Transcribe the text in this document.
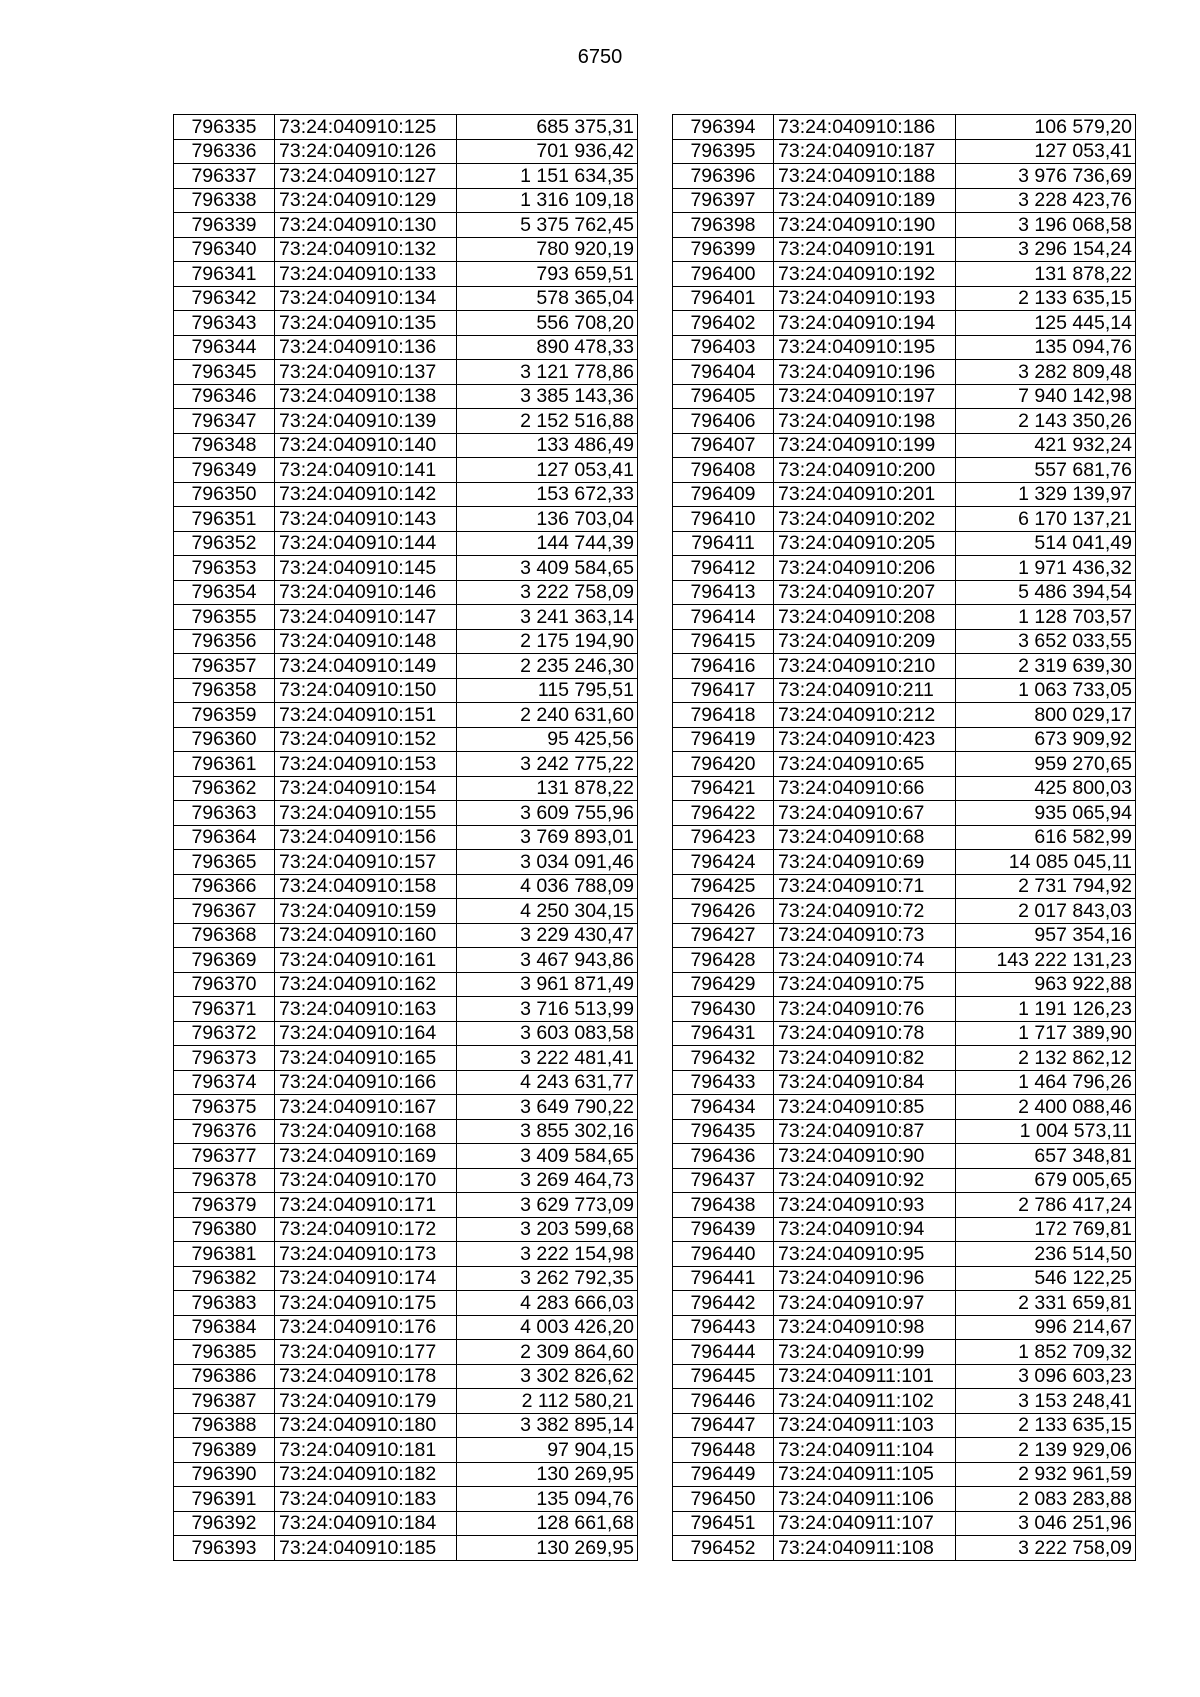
6750
796335	73:24:040910:125	685 375,31
796336	73:24:040910:126	701 936,42
796337	73:24:040910:127	1 151 634,35
796338	73:24:040910:129	1 316 109,18
796339	73:24:040910:130	5 375 762,45
796340	73:24:040910:132	780 920,19
796341	73:24:040910:133	793 659,51
796342	73:24:040910:134	578 365,04
796343	73:24:040910:135	556 708,20
796344	73:24:040910:136	890 478,33
796345	73:24:040910:137	3 121 778,86
796346	73:24:040910:138	3 385 143,36
796347	73:24:040910:139	2 152 516,88
796348	73:24:040910:140	133 486,49
796349	73:24:040910:141	127 053,41
796350	73:24:040910:142	153 672,33
796351	73:24:040910:143	136 703,04
796352	73:24:040910:144	144 744,39
796353	73:24:040910:145	3 409 584,65
796354	73:24:040910:146	3 222 758,09
796355	73:24:040910:147	3 241 363,14
796356	73:24:040910:148	2 175 194,90
796357	73:24:040910:149	2 235 246,30
796358	73:24:040910:150	115 795,51
796359	73:24:040910:151	2 240 631,60
796360	73:24:040910:152	95 425,56
796361	73:24:040910:153	3 242 775,22
796362	73:24:040910:154	131 878,22
796363	73:24:040910:155	3 609 755,96
796364	73:24:040910:156	3 769 893,01
796365	73:24:040910:157	3 034 091,46
796366	73:24:040910:158	4 036 788,09
796367	73:24:040910:159	4 250 304,15
796368	73:24:040910:160	3 229 430,47
796369	73:24:040910:161	3 467 943,86
796370	73:24:040910:162	3 961 871,49
796371	73:24:040910:163	3 716 513,99
796372	73:24:040910:164	3 603 083,58
796373	73:24:040910:165	3 222 481,41
796374	73:24:040910:166	4 243 631,77
796375	73:24:040910:167	3 649 790,22
796376	73:24:040910:168	3 855 302,16
796377	73:24:040910:169	3 409 584,65
796378	73:24:040910:170	3 269 464,73
796379	73:24:040910:171	3 629 773,09
796380	73:24:040910:172	3 203 599,68
796381	73:24:040910:173	3 222 154,98
796382	73:24:040910:174	3 262 792,35
796383	73:24:040910:175	4 283 666,03
796384	73:24:040910:176	4 003 426,20
796385	73:24:040910:177	2 309 864,60
796386	73:24:040910:178	3 302 826,62
796387	73:24:040910:179	2 112 580,21
796388	73:24:040910:180	3 382 895,14
796389	73:24:040910:181	97 904,15
796390	73:24:040910:182	130 269,95
796391	73:24:040910:183	135 094,76
796392	73:24:040910:184	128 661,68
796393	73:24:040910:185	130 269,95
796394	73:24:040910:186	106 579,20
796395	73:24:040910:187	127 053,41
796396	73:24:040910:188	3 976 736,69
796397	73:24:040910:189	3 228 423,76
796398	73:24:040910:190	3 196 068,58
796399	73:24:040910:191	3 296 154,24
796400	73:24:040910:192	131 878,22
796401	73:24:040910:193	2 133 635,15
796402	73:24:040910:194	125 445,14
796403	73:24:040910:195	135 094,76
796404	73:24:040910:196	3 282 809,48
796405	73:24:040910:197	7 940 142,98
796406	73:24:040910:198	2 143 350,26
796407	73:24:040910:199	421 932,24
796408	73:24:040910:200	557 681,76
796409	73:24:040910:201	1 329 139,97
796410	73:24:040910:202	6 170 137,21
796411	73:24:040910:205	514 041,49
796412	73:24:040910:206	1 971 436,32
796413	73:24:040910:207	5 486 394,54
796414	73:24:040910:208	1 128 703,57
796415	73:24:040910:209	3 652 033,55
796416	73:24:040910:210	2 319 639,30
796417	73:24:040910:211	1 063 733,05
796418	73:24:040910:212	800 029,17
796419	73:24:040910:423	673 909,92
796420	73:24:040910:65	959 270,65
796421	73:24:040910:66	425 800,03
796422	73:24:040910:67	935 065,94
796423	73:24:040910:68	616 582,99
796424	73:24:040910:69	14 085 045,11
796425	73:24:040910:71	2 731 794,92
796426	73:24:040910:72	2 017 843,03
796427	73:24:040910:73	957 354,16
796428	73:24:040910:74	143 222 131,23
796429	73:24:040910:75	963 922,88
796430	73:24:040910:76	1 191 126,23
796431	73:24:040910:78	1 717 389,90
796432	73:24:040910:82	2 132 862,12
796433	73:24:040910:84	1 464 796,26
796434	73:24:040910:85	2 400 088,46
796435	73:24:040910:87	1 004 573,11
796436	73:24:040910:90	657 348,81
796437	73:24:040910:92	679 005,65
796438	73:24:040910:93	2 786 417,24
796439	73:24:040910:94	172 769,81
796440	73:24:040910:95	236 514,50
796441	73:24:040910:96	546 122,25
796442	73:24:040910:97	2 331 659,81
796443	73:24:040910:98	996 214,67
796444	73:24:040910:99	1 852 709,32
796445	73:24:040911:101	3 096 603,23
796446	73:24:040911:102	3 153 248,41
796447	73:24:040911:103	2 133 635,15
796448	73:24:040911:104	2 139 929,06
796449	73:24:040911:105	2 932 961,59
796450	73:24:040911:106	2 083 283,88
796451	73:24:040911:107	3 046 251,96
796452	73:24:040911:108	3 222 758,09
